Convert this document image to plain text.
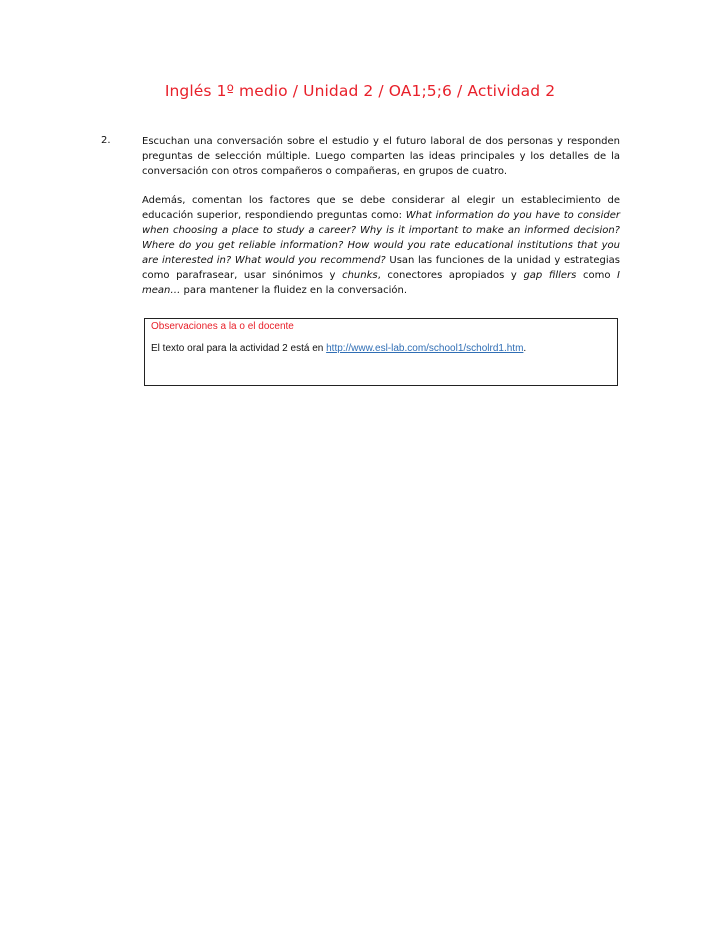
Inglés 1º medio / Unidad 2 / OA1;5;6 / Actividad 2
2.	Escuchan una conversación sobre el estudio y el futuro laboral de dos personas y responden preguntas de selección múltiple. Luego comparten las ideas principales y los detalles de la conversación con otros compañeros o compañeras, en grupos de cuatro.
Además, comentan los factores que se debe considerar al elegir un establecimiento de educación superior, respondiendo preguntas como: What information do you have to consider when choosing a place to study a career? Why is it important to make an informed decision? Where do you get reliable information? How would you rate educational institutions that you are interested in? What would you recommend? Usan las funciones de la unidad y estrategias como parafrasear, usar sinónimos y chunks, conectores apropiados y gap fillers como I mean… para mantener la fluidez en la conversación.
Observaciones a la o el docente
El texto oral para la actividad 2 está en http://www.esl-lab.com/school1/scholrd1.htm.
